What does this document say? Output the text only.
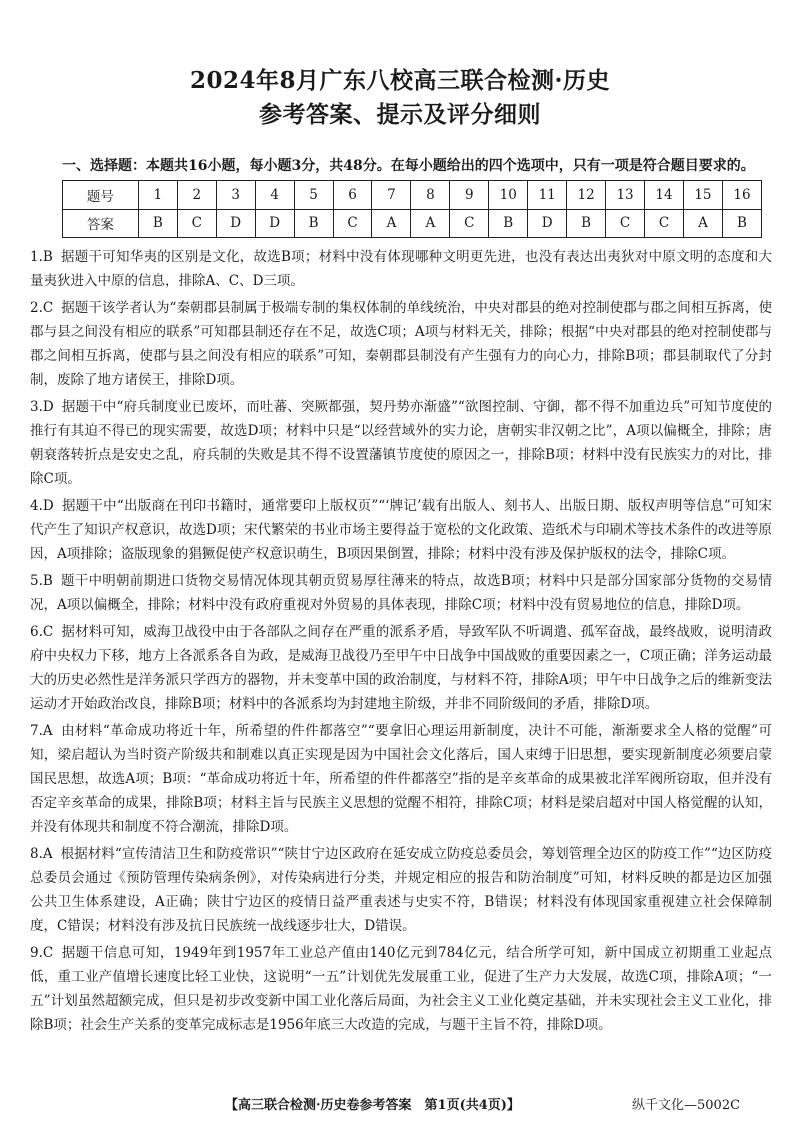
2024年8月广东八校高三联合检测·历史
参考答案、提示及评分细则
一、选择题：本题共16小题，每小题3分，共48分。在每小题给出的四个选项中，只有一项是符合题目要求的。
题号	1	2	3	4	5	6	7	8	9	10	11	12	13	14	15	16
答案	B	C	D	D	B	C	A	A	C	B	D	B	C	C	A	B

1.B 据题干可知华夷的区别是文化，故选B项；材料中没有体现哪种文明更先进，也没有表达出夷狄对中原文明的态度和大量夷狄进入中原的信息，排除A、C、D三项。

2.C 据题干该学者认为“秦朝郡县制属于极端专制的集权体制的单线统治，中央对郡县的绝对控制使郡与郡之间相互拆离，使郡与县之间没有相应的联系”可知郡县制还存在不足，故选C项；A项与材料无关，排除；根据“中央对郡县的绝对控制使郡与郡之间相互拆离，使郡与县之间没有相应的联系”可知，秦朝郡县制没有产生强有力的向心力，排除B项；郡县制取代了分封制，废除了地方诸侯王，排除D项。

3.D 据题干中“府兵制度业已废坏，而吐蕃、突厥都强，契丹势亦渐盛”“欲图控制、守御，都不得不加重边兵”可知节度使的推行有其迫不得已的现实需要，故选D项；材料中只是“以经营域外的实力论，唐朝实非汉朝之比”，A项以偏概全，排除；唐朝衰落转折点是安史之乱，府兵制的失败是其不得不设置藩镇节度使的原因之一，排除B项；材料中没有民族实力的对比，排除C项。

4.D 据题干中“出版商在刊印书籍时，通常要印上版权页”“‘牌记’载有出版人、刻书人、出版日期、版权声明等信息”可知宋代产生了知识产权意识，故选D项；宋代繁荣的书业市场主要得益于宽松的文化政策、造纸术与印刷术等技术条件的改进等原因，A项排除；盗版现象的猖獗促使产权意识萌生，B项因果倒置，排除；材料中没有涉及保护版权的法令，排除C项。

5.B 题干中明朝前期进口货物交易情况体现其朝贡贸易厚往薄来的特点，故选B项；材料中只是部分国家部分货物的交易情况，A项以偏概全，排除；材料中没有政府重视对外贸易的具体表现，排除C项；材料中没有贸易地位的信息，排除D项。

6.C 据材料可知，威海卫战役中由于各部队之间存在严重的派系矛盾，导致军队不听调遣、孤军奋战，最终战败，说明清政府中央权力下移，地方上各派系各自为政，是威海卫战役乃至甲午中日战争中国战败的重要因素之一，C项正确；洋务运动最大的历史必然性是洋务派只学西方的器物，并未变革中国的政治制度，与材料不符，排除A项；甲午中日战争之后的维新变法运动才开始政治改良，排除B项；材料中的各派系均为封建地主阶级，并非不同阶级间的矛盾，排除D项。

7.A 由材料“革命成功将近十年，所希望的件件都落空”“要拿旧心理运用新制度，决计不可能，渐渐要求全人格的觉醒”可知，梁启超认为当时资产阶级共和制难以真正实现是因为中国社会文化落后，国人束缚于旧思想，要实现新制度必须要启蒙国民思想，故选A项；B项：“革命成功将近十年，所希望的件件都落空”指的是辛亥革命的成果被北洋军阀所窃取，但并没有否定辛亥革命的成果，排除B项；材料主旨与民族主义思想的觉醒不相符，排除C项；材料是梁启超对中国人格觉醒的认知，并没有体现共和制度不符合潮流，排除D项。

8.A 根据材料“宣传清洁卫生和防疫常识”“陕甘宁边区政府在延安成立防疫总委员会，筹划管理全边区的防疫工作”“边区防疫总委员会通过《预防管理传染病条例》，对传染病进行分类，并规定相应的报告和防治制度”可知，材料反映的都是边区加强公共卫生体系建设，A正确；陕甘宁边区的疫情日益严重表述与史实不符，B错误；材料没有体现国家重视建立社会保障制度，C错误；材料没有涉及抗日民族统一战线逐步壮大，D错误。

9.C 据题干信息可知，1949年到1957年工业总产值由140亿元到784亿元，结合所学可知，新中国成立初期重工业起点低，重工业产值增长速度比轻工业快，这说明“一五”计划优先发展重工业，促进了生产力大发展，故选C项，排除A项；“一五”计划虽然超额完成，但只是初步改变新中国工业化落后局面，为社会主义工业化奠定基础，并未实现社会主义工业化，排除B项；社会生产关系的变革完成标志是1956年底三大改造的完成，与题干主旨不符，排除D项。

【高三联合检测·历史卷参考答案　第1页(共4页)】	纵千文化—5002C
